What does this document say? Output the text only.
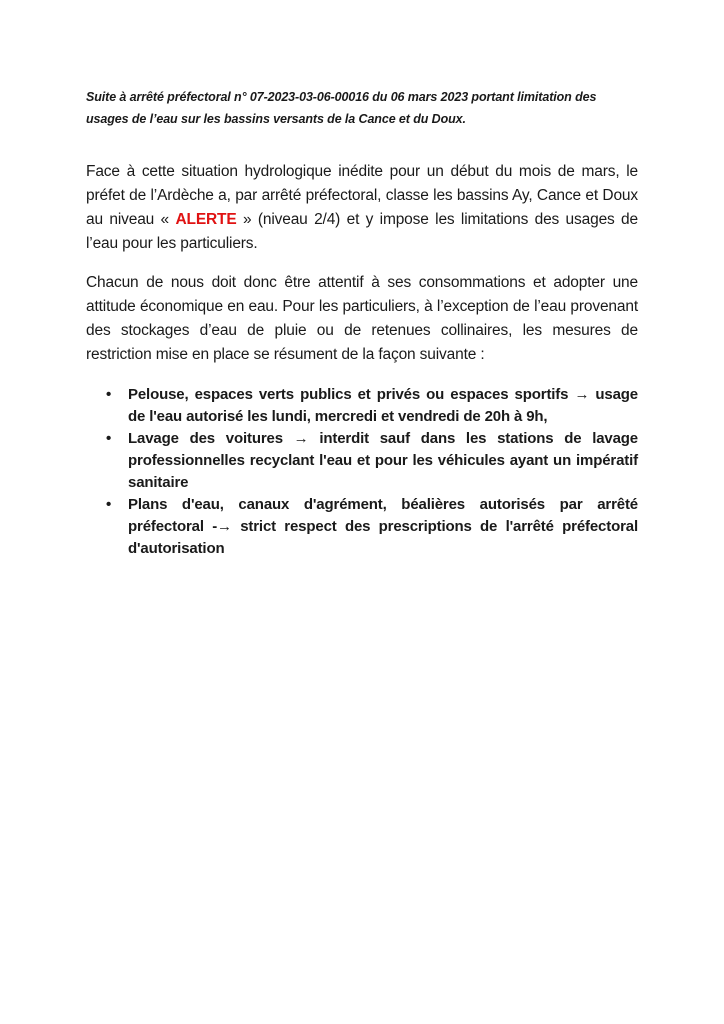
Suite à arrêté préfectoral n° 07-2023-03-06-00016 du 06 mars 2023 portant limitation des usages de l’eau sur les bassins versants de la Cance et du Doux.

Face à cette situation hydrologique inédite pour un début du mois de mars, le préfet de l’Ardèche a, par arrêté préfectoral, classe les bassins Ay, Cance et Doux au niveau « ALERTE » (niveau 2/4) et y impose les limitations des usages de l’eau pour les particuliers.

Chacun de nous doit donc être attentif à ses consommations et adopter une attitude économique en eau. Pour les particuliers, à l’exception de l’eau provenant des stockages d’eau de pluie ou de retenues collinaires, les mesures de restriction mise en place se résument de la façon suivante :

• Pelouse, espaces verts publics et privés ou espaces sportifs → usage de l'eau autorisé les lundi, mercredi et vendredi de 20h à 9h,
• Lavage des voitures → interdit sauf dans les stations de lavage professionnelles recyclant l'eau et pour les véhicules ayant un impératif sanitaire
• Plans d'eau, canaux d'agrément, béalières autorisés par arrêté préfectoral -→ strict respect des prescriptions de l'arrêté préfectoral d'autorisation
